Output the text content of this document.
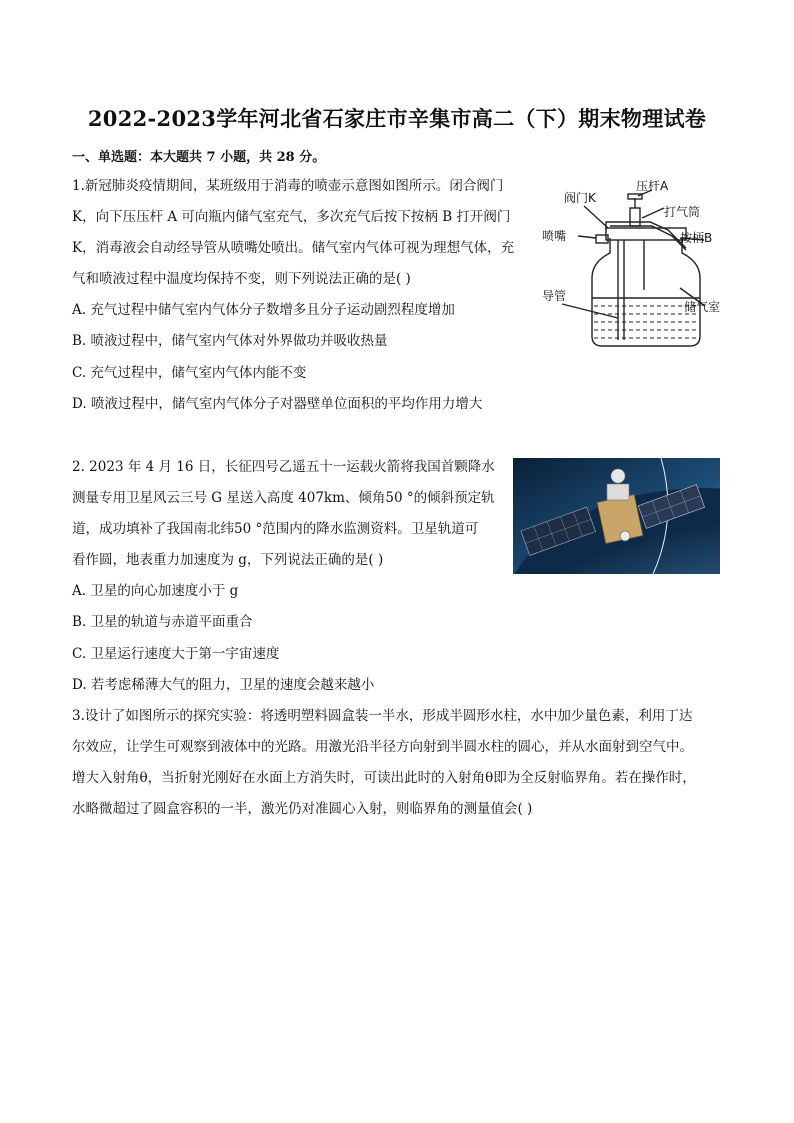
2022-2023学年河北省石家庄市辛集市高二（下）期末物理试卷
一、单选题：本大题共 7 小题，共 28 分。
1.新冠肺炎疫情期间，某班级用于消毒的喷壶示意图如图所示。闭合阀门
K，向下压压杆 A 可向瓶内储气室充气，多次充气后按下按柄 B 打开阀门
K，消毒液会自动经导管从喷嘴处喷出。储气室内气体可视为理想气体，充
气和喷液过程中温度均保持不变，则下列说法正确的是( )
A. 充气过程中储气室内气体分子数增多且分子运动剧烈程度增加
B. 喷液过程中，储气室内气体对外界做功并吸收热量
C. 充气过程中，储气室内气体内能不变
D. 喷液过程中，储气室内气体分子对器壁单位面积的平均作用力增大
阀门K
压杆A
打气筒
喷嘴	按柄B
导管
储气室
2. 2023 年 4 月 16 日，长征四号乙遥五十一运载火箭将我国首颗降水
测量专用卫星风云三号 G 星送入高度 407km、倾角50 °的倾斜预定轨
道，成功填补了我国南北纬50 °范围内的降水监测资料。卫星轨道可
看作圆，地表重力加速度为 g，下列说法正确的是( )
A. 卫星的向心加速度小于 g
B. 卫星的轨道与赤道平面重合
C. 卫星运行速度大于第一宇宙速度
D. 若考虑稀薄大气的阻力，卫星的速度会越来越小
3.设计了如图所示的探究实验：将透明塑料圆盒装一半水，形成半圆形水柱，水中加少量色素，利用丁达
尔效应，让学生可观察到液体中的光路。用激光沿半径方向射到半圆水柱的圆心，并从水面射到空气中。
增大入射角θ，当折射光刚好在水面上方消失时，可读出此时的入射角θ即为全反射临界角。若在操作时，
水略微超过了圆盒容积的一半，激光仍对准圆心入射，则临界角的测量值会( )
